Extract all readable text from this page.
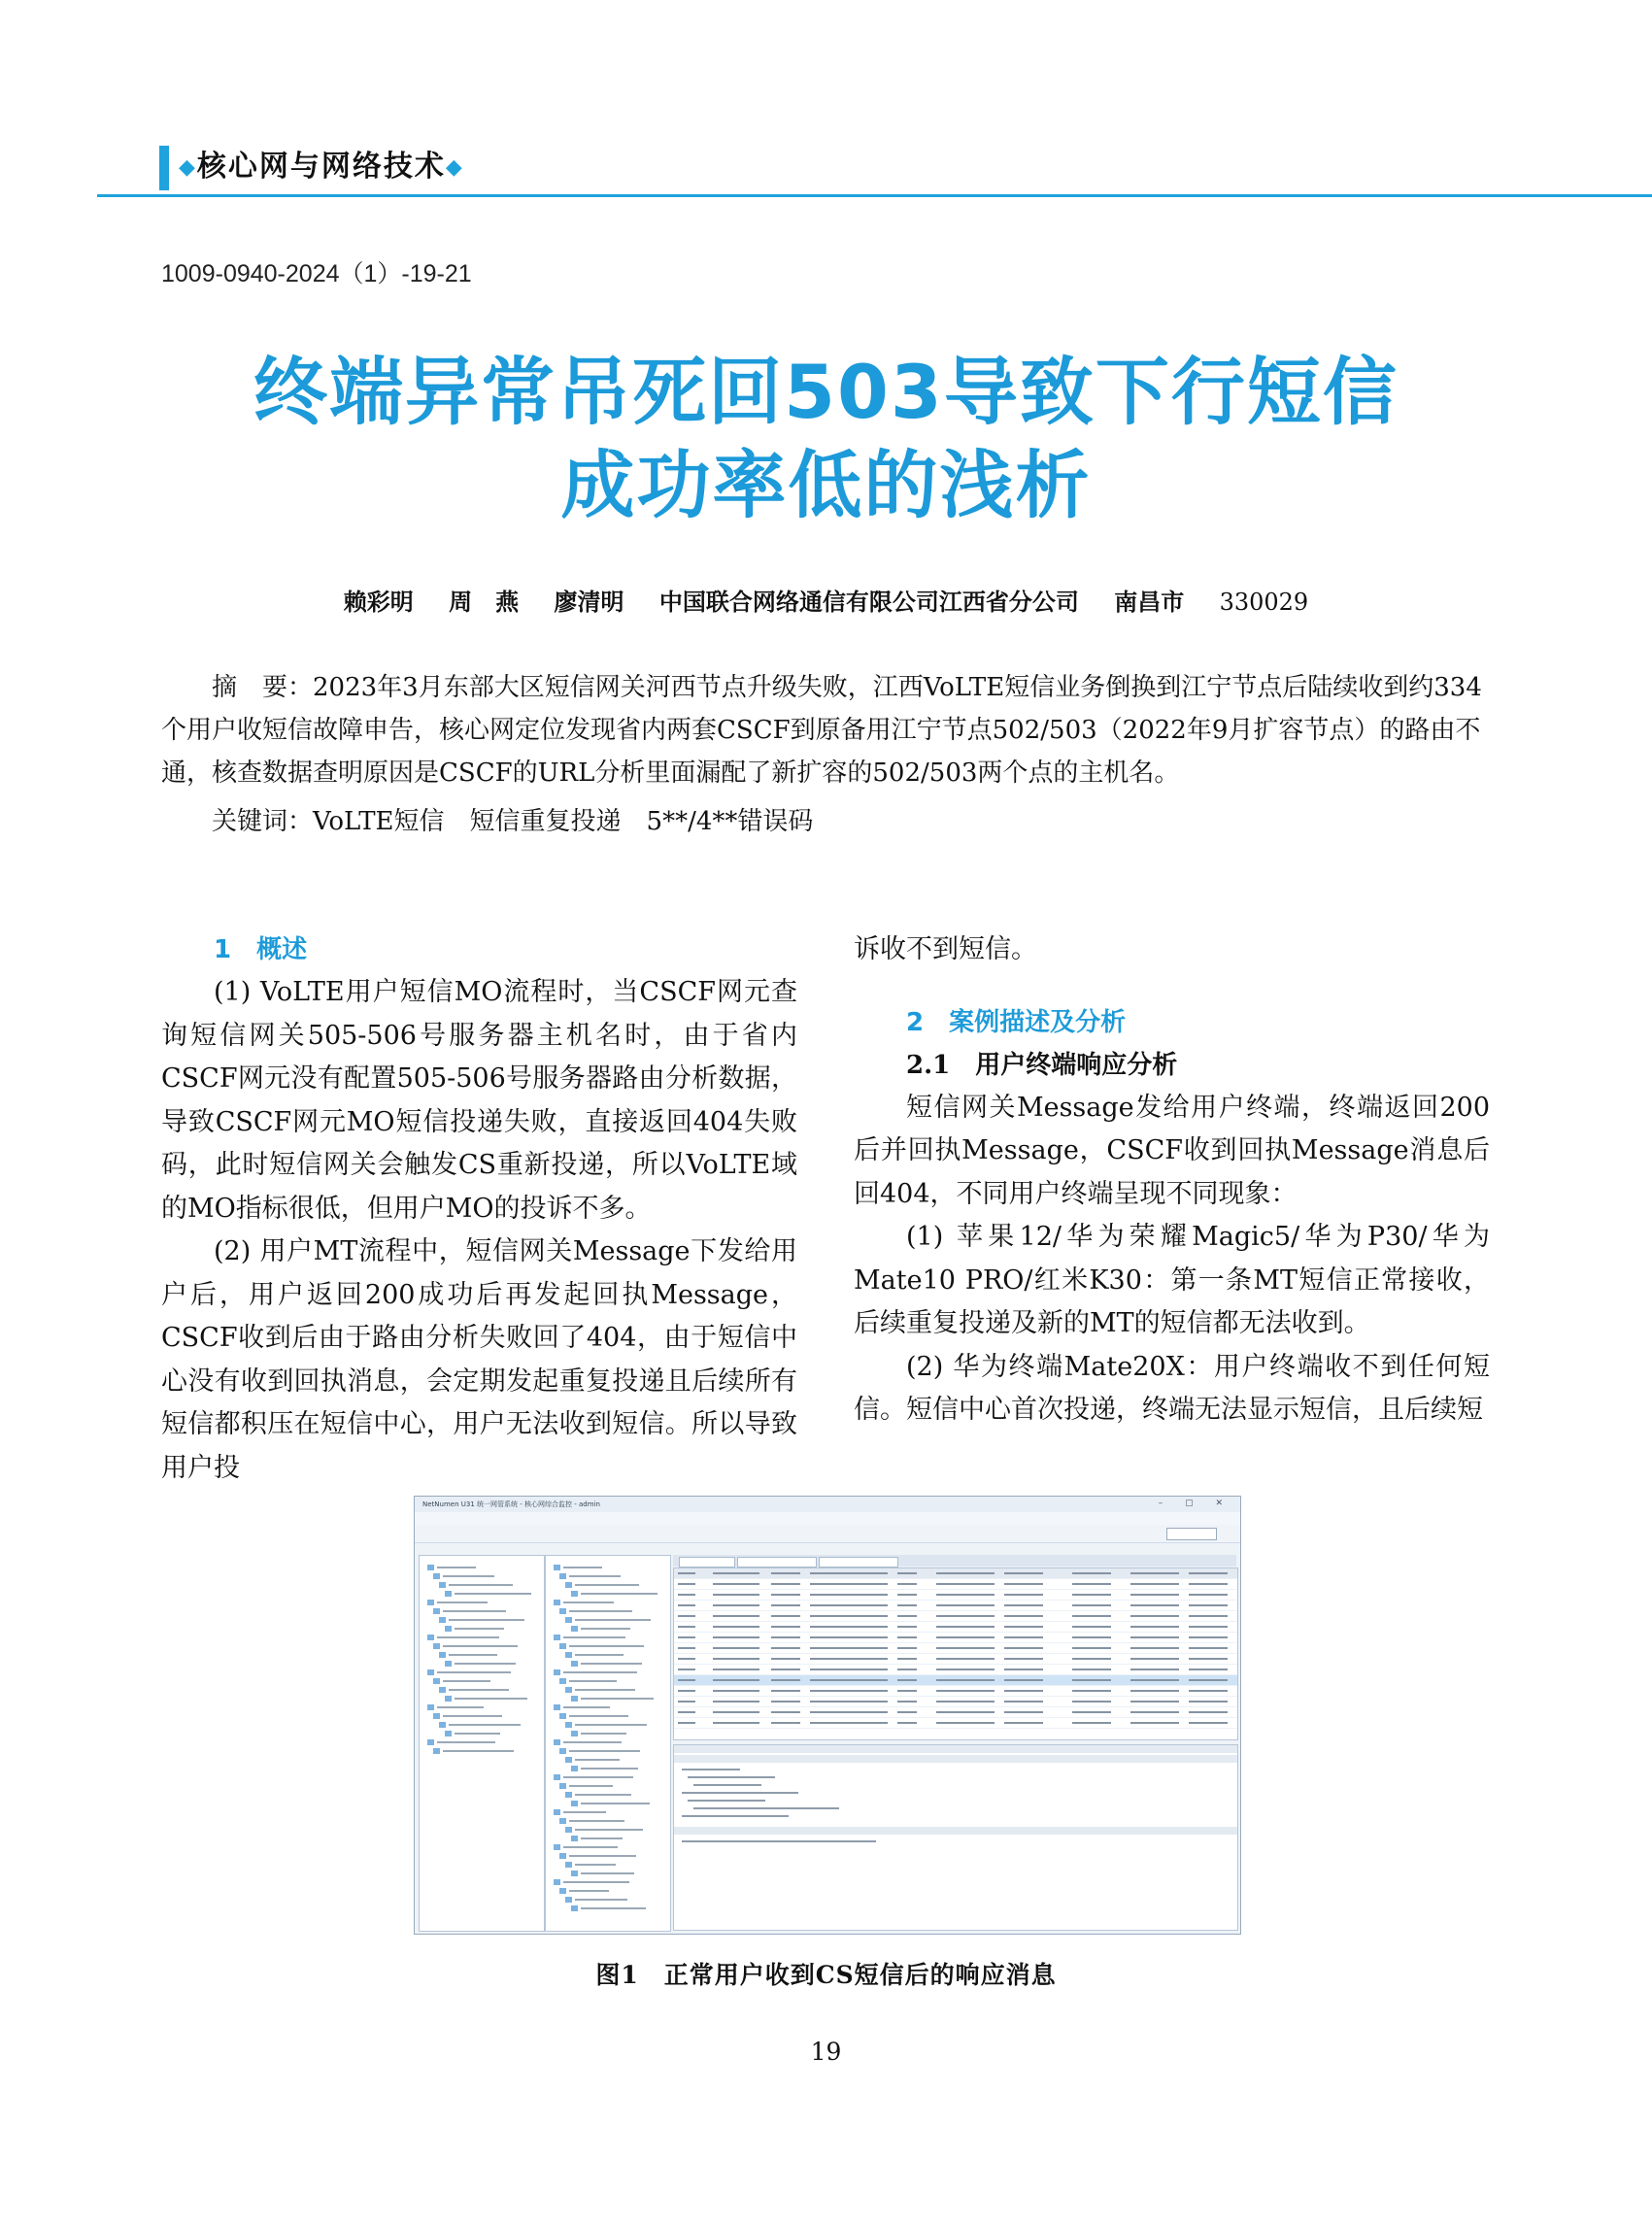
◆核心网与网络技术◆
1009-0940-2024（1）-19-21
终端异常吊死回503导致下行短信
成功率低的浅析
赖彩明 周　燕 廖清明 中国联合网络通信有限公司江西省分公司 南昌市 330029
摘　要：2023年3月东部大区短信网关河西节点升级失败，江西VoLTE短信业务倒换到江宁节点后陆续收到约334个用户收短信故障申告，核心网定位发现省内两套CSCF到原备用江宁节点502/503（2022年9月扩容节点）的路由不通，核查数据查明原因是CSCF的URL分析里面漏配了新扩容的502/503两个点的主机名。
关键词：VoLTE短信　短信重复投递　5**/4**错误码
1　概述
(1) VoLTE用户短信MO流程时，当CSCF网元查询短信网关505-506号服务器主机名时，由于省内CSCF网元没有配置505-506号服务器路由分析数据，导致CSCF网元MO短信投递失败，直接返回404失败码，此时短信网关会触发CS重新投递，所以VoLTE域的MO指标很低，但用户MO的投诉不多。
(2) 用户MT流程中，短信网关Message下发给用户后，用户返回200成功后再发起回执Message，CSCF收到后由于路由分析失败回了404，由于短信中心没有收到回执消息，会定期发起重复投递且后续所有短信都积压在短信中心，用户无法收到短信。所以导致用户投
诉收不到短信。
2　案例描述及分析
2.1　用户终端响应分析
短信网关Message发给用户终端，终端返回200后并回执Message，CSCF收到回执Message消息后回404，不同用户终端呈现不同现象：
(1) 苹果12/华为荣耀Magic5/华为P30/华为Mate10 PRO/红米K30：第一条MT短信正常接收，后续重复投递及新的MT的短信都无法收到。
(2) 华为终端Mate20X：用户终端收不到任何短信。短信中心首次投递，终端无法显示短信，且后续短
NetNumen U31 统一网管系统 - 核心网综合监控 - admin	– ▢ ✕
图1　正常用户收到CS短信后的响应消息
19
